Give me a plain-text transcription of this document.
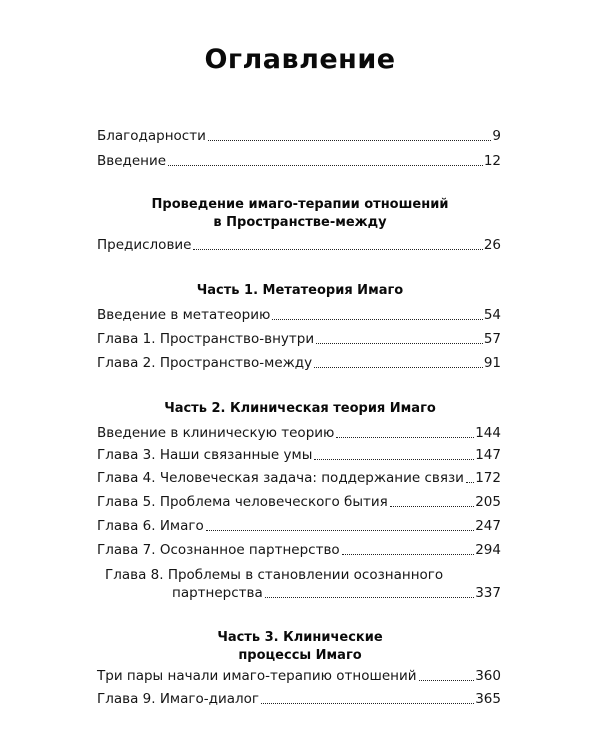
Оглавление
Благодарности	9
Введение	12
Проведение имаго-терапии отношений
в Пространстве-между
Предисловие	26
Часть 1. Метатеория Имаго
Введение в метатеорию	54
Глава 1. Пространство-внутри	57
Глава 2. Пространство-между	91
Часть 2. Клиническая теория Имаго
Введение в клиническую теорию	144
Глава 3. Наши связанные умы	147
Глава 4. Человеческая задача: поддержание связи 172
Глава 5. Проблема человеческого бытия	205
Глава 6. Имаго	247
Глава 7. Осознанное партнерство	294
Глава 8. Проблемы в становлении осознанного
партнерства	337
Часть 3. Клинические
процессы Имаго
Три пары начали имаго-терапию отношений	360
Глава 9. Имаго-диалог	365
